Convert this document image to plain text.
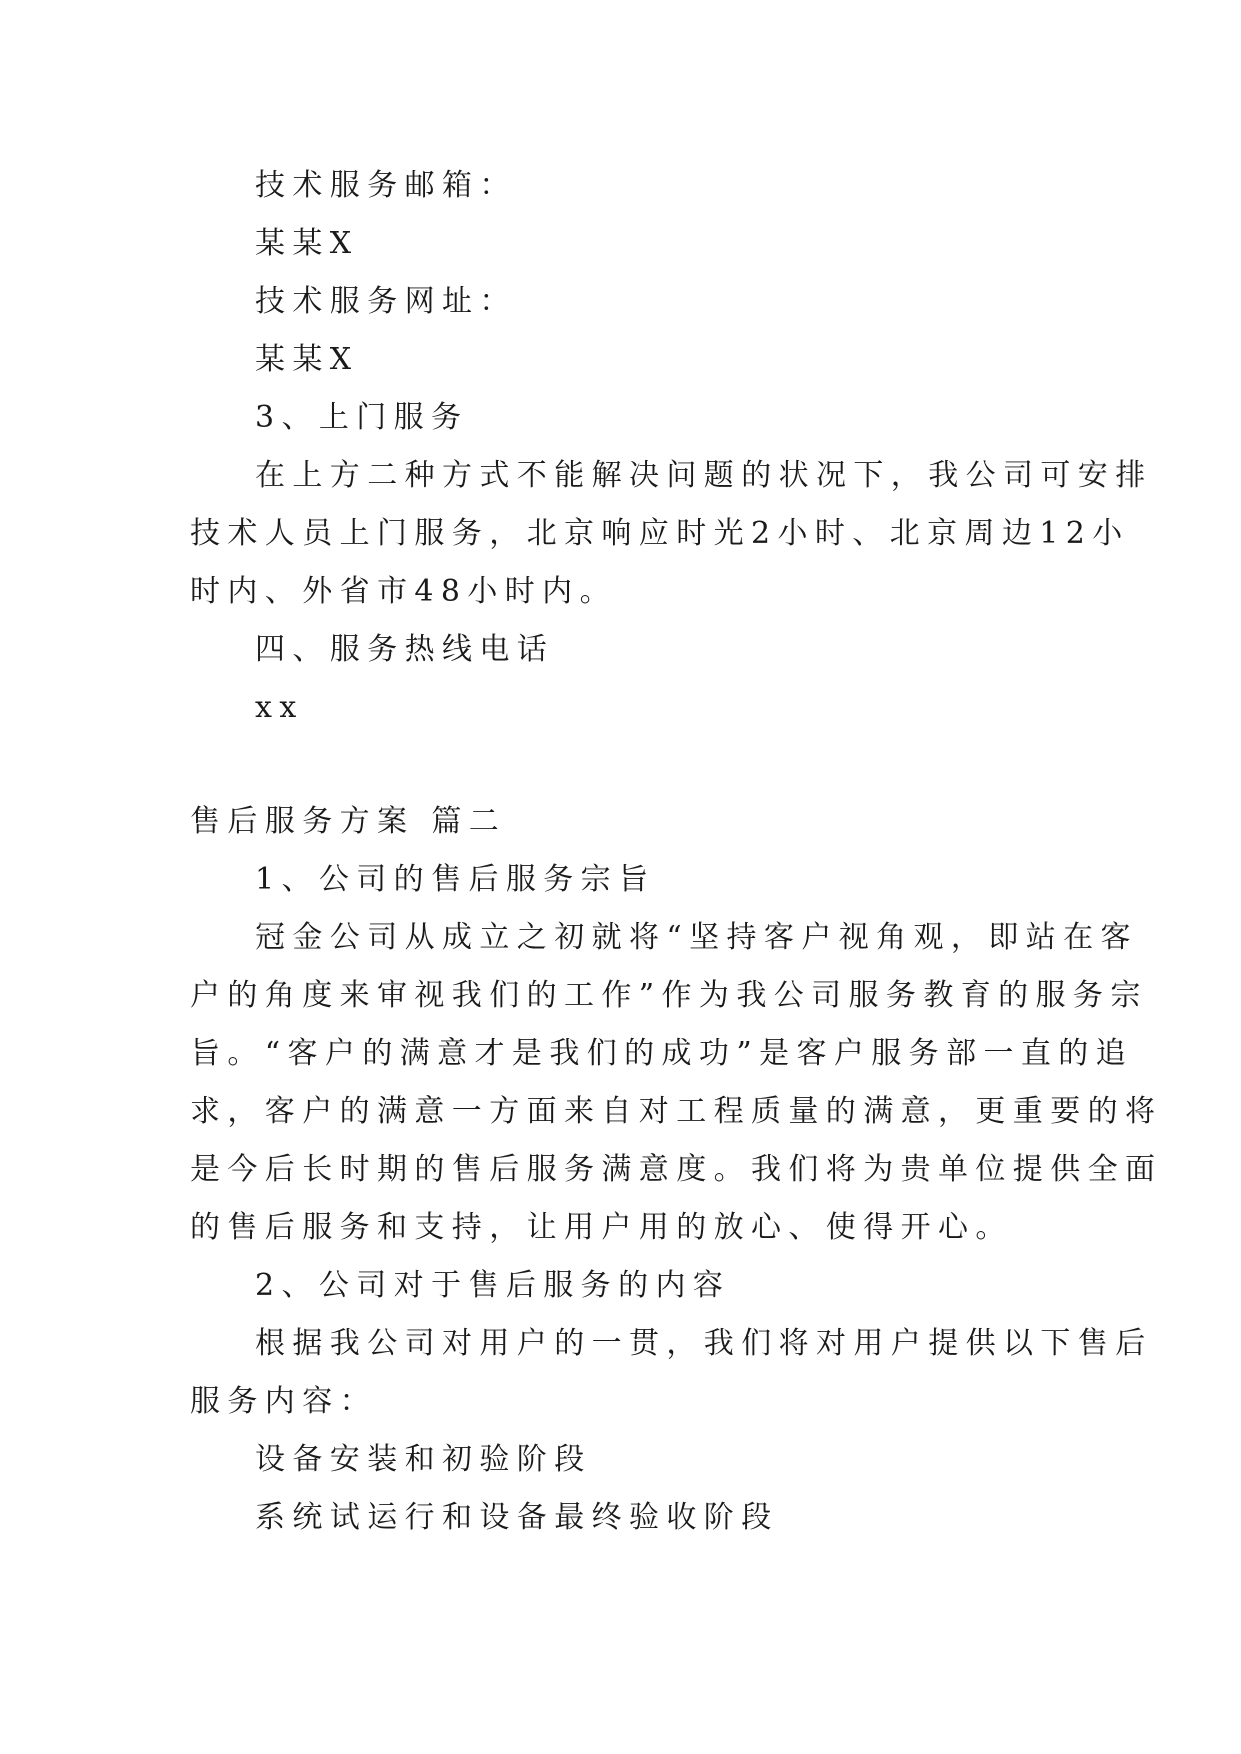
技术服务邮箱：
某某X
技术服务网址：
某某X
3、上门服务
在上方二种方式不能解决问题的状况下，我公司可安排
技术人员上门服务，北京响应时光2小时、北京周边12小
时内、外省市48小时内。
四、服务热线电话
xx
售后服务方案 篇二
1、公司的售后服务宗旨
冠金公司从成立之初就将“坚持客户视角观，即站在客
户的角度来审视我们的工作”作为我公司服务教育的服务宗
旨。“客户的满意才是我们的成功”是客户服务部一直的追
求，客户的满意一方面来自对工程质量的满意，更重要的将
是今后长时期的售后服务满意度。我们将为贵单位提供全面
的售后服务和支持，让用户用的放心、使得开心。
2、公司对于售后服务的内容
根据我公司对用户的一贯，我们将对用户提供以下售后
服务内容：
设备安装和初验阶段
系统试运行和设备最终验收阶段
